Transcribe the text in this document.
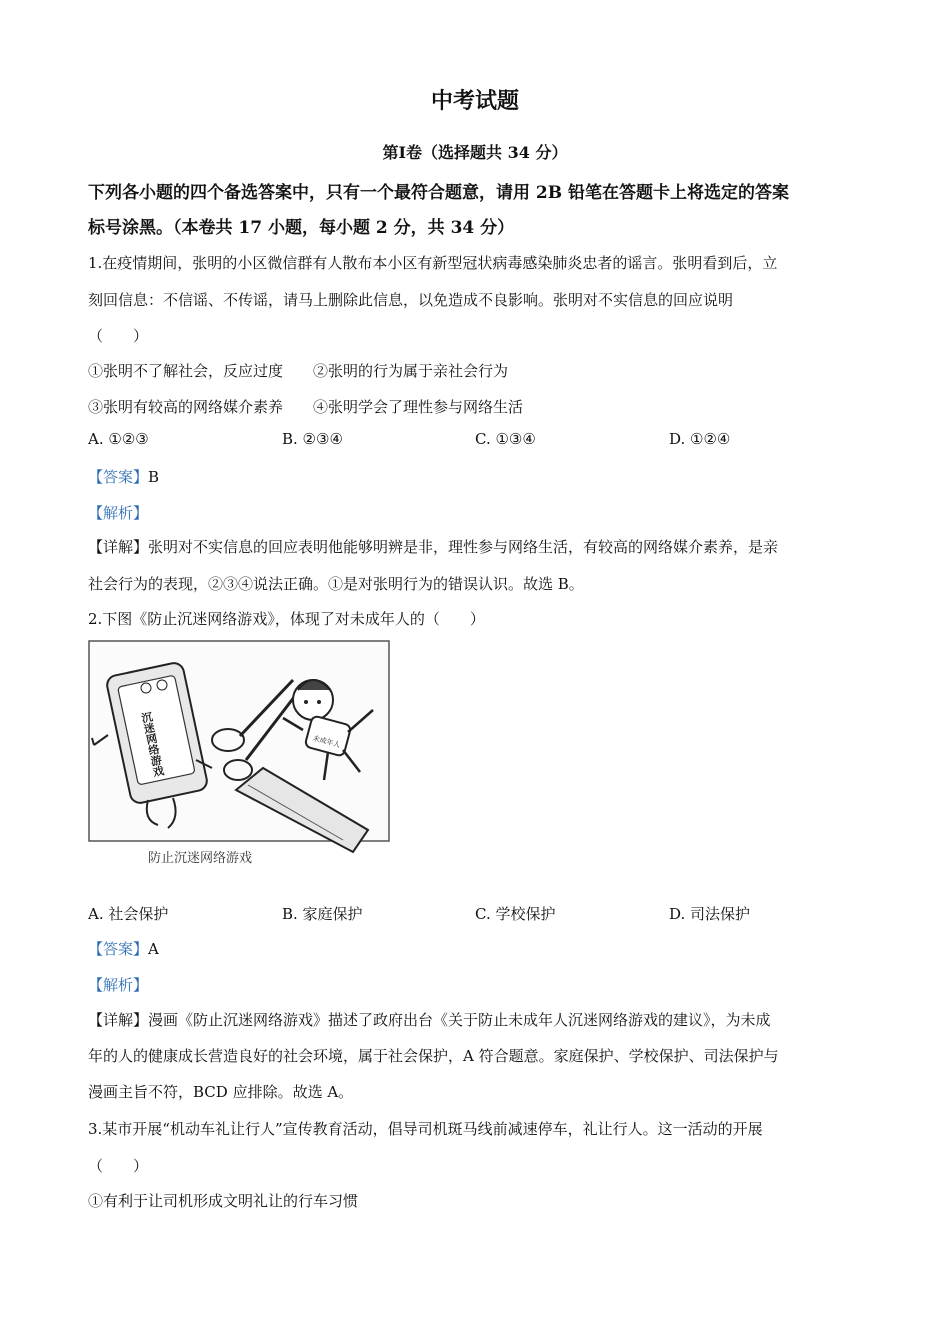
中考试题
第Ⅰ卷（选择题共 34 分）
下列各小题的四个备选答案中，只有一个最符合题意，请用 2B 铅笔在答题卡上将选定的答案
标号涂黑。（本卷共 17 小题，每小题 2 分，共 34 分）
1.在疫情期间，张明的小区微信群有人散布本小区有新型冠状病毒感染肺炎忠者的谣言。张明看到后，立
刻回信息：不信谣、不传谣，请马上删除此信息，以免造成不良影响。张明对不实信息的回应说明
（　　）
①张明不了解社会，反应过度　　②张明的行为属于亲社会行为
③张明有较高的网络媒介素养　　④张明学会了理性参与网络生活
A. ①②③	B. ②③④	C. ①③④	D. ①②④
【答案】B
【解析】
【详解】张明对不实信息的回应表明他能够明辨是非，理性参与网络生活，有较高的网络媒介素养，是亲
社会行为的表现，②③④说法正确。①是对张明行为的错误认识。故选 B。
2.下图《防止沉迷网络游戏》，体现了对未成年人的（　　）
沉迷网络游戏	未成年人
防止沉迷网络游戏
A. 社会保护	B. 家庭保护	C. 学校保护	D. 司法保护
【答案】A
【解析】
【详解】漫画《防止沉迷网络游戏》描述了政府出台《关于防止未成年人沉迷网络游戏的建议》，为未成
年的人的健康成长营造良好的社会环境，属于社会保护，A 符合题意。家庭保护、学校保护、司法保护与
漫画主旨不符，BCD 应排除。故选 A。
3.某市开展“机动车礼让行人”宣传教育活动，倡导司机斑马线前减速停车，礼让行人。这一活动的开展
（　　）
①有利于让司机形成文明礼让的行车习惯
